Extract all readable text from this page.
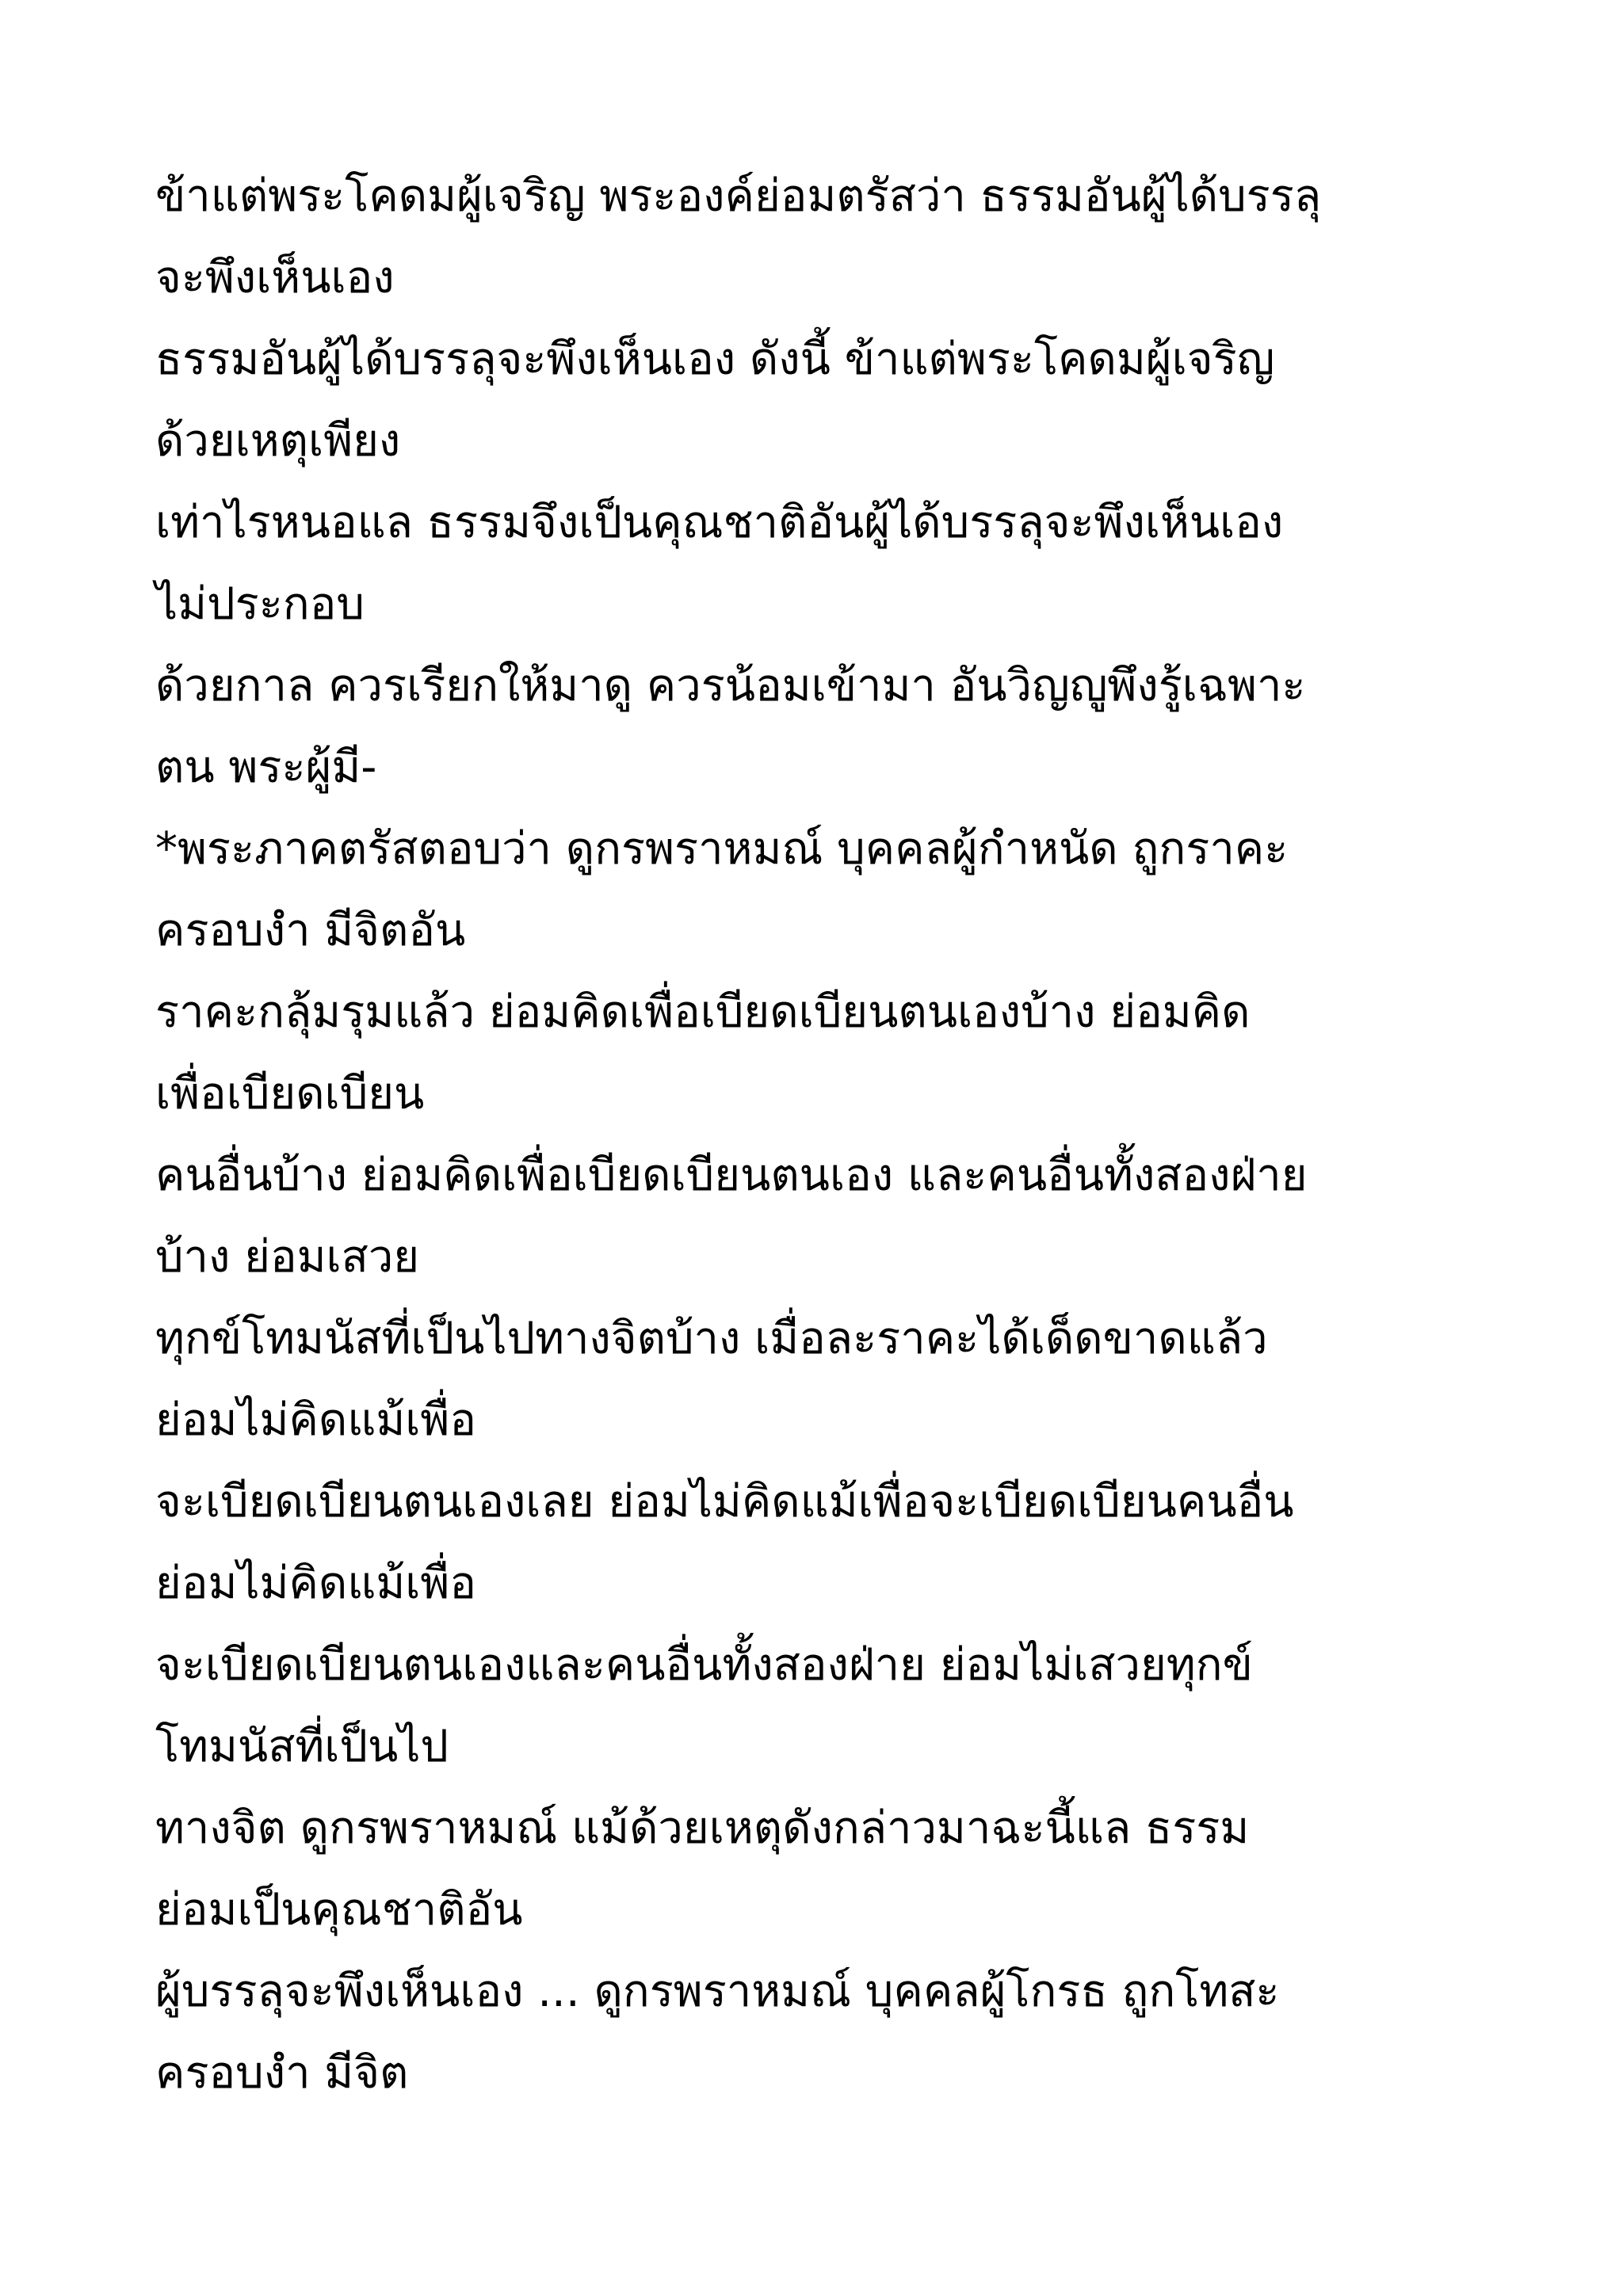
ข้าแต่พระโคดมผู้เจริญ พระองค์ย่อมตรัสว่า ธรรมอันผู้ได้บรรลุ
จะพึงเห็นเอง
ธรรมอันผู้ได้บรรลุจะพึงเห็นเอง ดังนี้ ข้าแต่พระโคดมผู้เจริญ
ด้วยเหตุเพียง
เท่าไรหนอแล ธรรมจึงเป็นคุณชาติอันผู้ได้บรรลุจะพึงเห็นเอง
ไม่ประกอบ
ด้วยกาล ควรเรียกให้มาดู ควรน้อมเข้ามา อันวิญญูพึงรู้เฉพาะ
ตน พระผู้มี-
*พระภาคตรัสตอบว่า ดูกรพราหมณ์ บุคคลผู้กำหนัด ถูกราคะ
ครอบงำ มีจิตอัน
ราคะกลุ้มรุมแล้ว ย่อมคิดเพื่อเบียดเบียนตนเองบ้าง ย่อมคิด
เพื่อเบียดเบียน
คนอื่นบ้าง ย่อมคิดเพื่อเบียดเบียนตนเอง และคนอื่นทั้งสองฝ่าย
บ้าง ย่อมเสวย
ทุกข์โทมนัสที่เป็นไปทางจิตบ้าง เมื่อละราคะได้เด็ดขาดแล้ว
ย่อมไม่คิดแม้เพื่อ
จะเบียดเบียนตนเองเลย ย่อมไม่คิดแม้เพื่อจะเบียดเบียนคนอื่น
ย่อมไม่คิดแม้เพื่อ
จะเบียดเบียนตนเองและคนอื่นทั้งสองฝ่าย ย่อมไม่เสวยทุกข์
โทมนัสที่เป็นไป
ทางจิต ดูกรพราหมณ์ แม้ด้วยเหตุดังกล่าวมาฉะนี้แล ธรรม
ย่อมเป็นคุณชาติอัน
ผู้บรรลุจะพึงเห็นเอง ... ดูกรพราหมณ์ บุคคลผู้โกรธ ถูกโทสะ
ครอบงำ มีจิต
